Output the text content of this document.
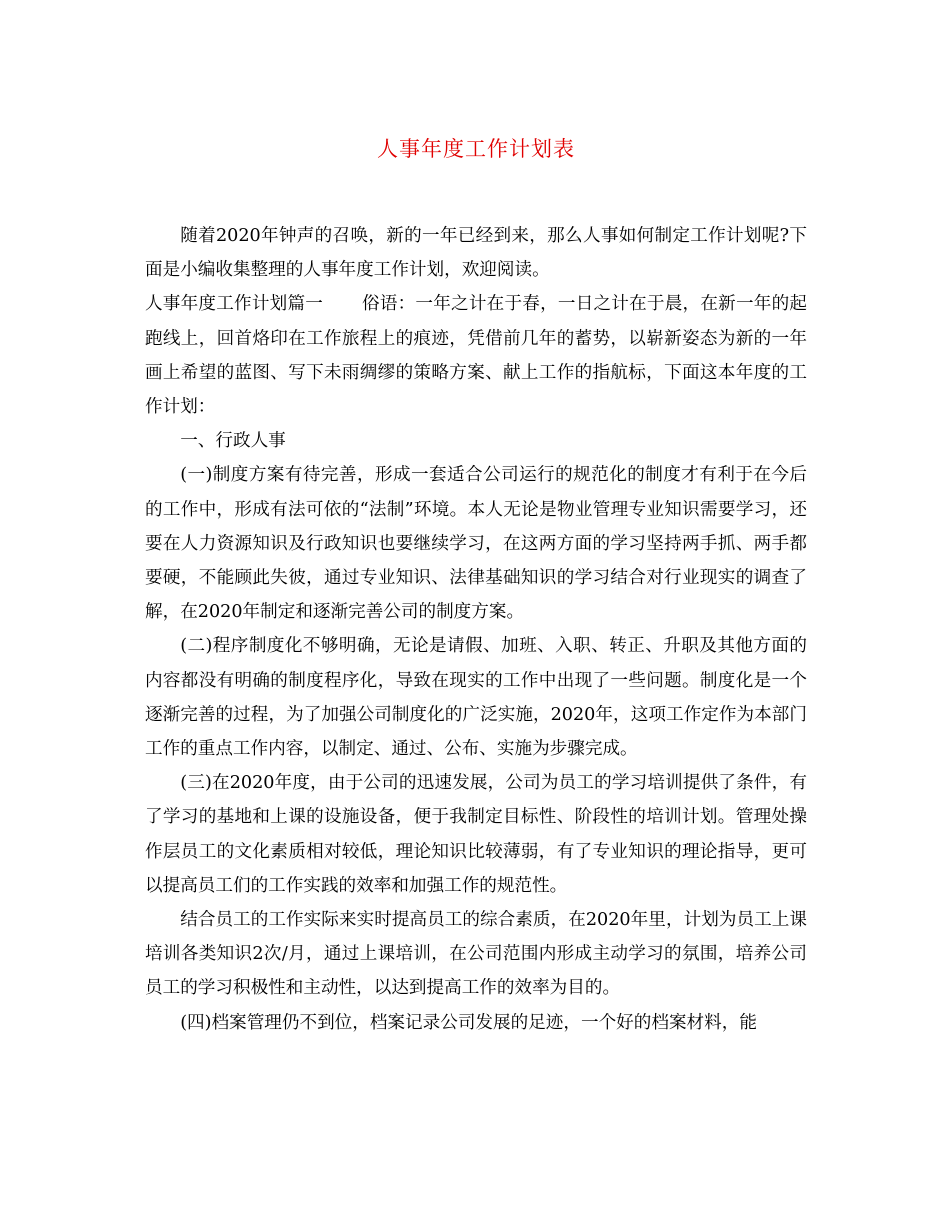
人事年度工作计划表

随着2020年钟声的召唤，新的一年已经到来，那么人事如何制定工作计划呢?下面是小编收集整理的人事年度工作计划，欢迎阅读。

人事年度工作计划篇一 俗语：一年之计在于春，一日之计在于晨，在新一年的起跑线上，回首烙印在工作旅程上的痕迹，凭借前几年的蓄势，以崭新姿态为新的一年画上希望的蓝图、写下未雨绸缪的策略方案、献上工作的指航标，下面这本年度的工作计划：

一、行政人事

(一)制度方案有待完善，形成一套适合公司运行的规范化的制度才有利于在今后的工作中，形成有法可依的“法制”环境。本人无论是物业管理专业知识需要学习，还要在人力资源知识及行政知识也要继续学习，在这两方面的学习坚持两手抓、两手都要硬，不能顾此失彼，通过专业知识、法律基础知识的学习结合对行业现实的调查了解，在2020年制定和逐渐完善公司的制度方案。

(二)程序制度化不够明确，无论是请假、加班、入职、转正、升职及其他方面的内容都没有明确的制度程序化，导致在现实的工作中出现了一些问题。制度化是一个逐渐完善的过程，为了加强公司制度化的广泛实施，2020年，这项工作定作为本部门工作的重点工作内容，以制定、通过、公布、实施为步骤完成。

(三)在2020年度，由于公司的迅速发展，公司为员工的学习培训提供了条件，有了学习的基地和上课的设施设备，便于我制定目标性、阶段性的培训计划。管理处操作层员工的文化素质相对较低，理论知识比较薄弱，有了专业知识的理论指导，更可以提高员工们的工作实践的效率和加强工作的规范性。

结合员工的工作实际来实时提高员工的综合素质，在2020年里，计划为员工上课培训各类知识2次/月，通过上课培训，在公司范围内形成主动学习的氛围，培养公司员工的学习积极性和主动性，以达到提高工作的效率为目的。

(四)档案管理仍不到位，档案记录公司发展的足迹，一个好的档案材料，能
